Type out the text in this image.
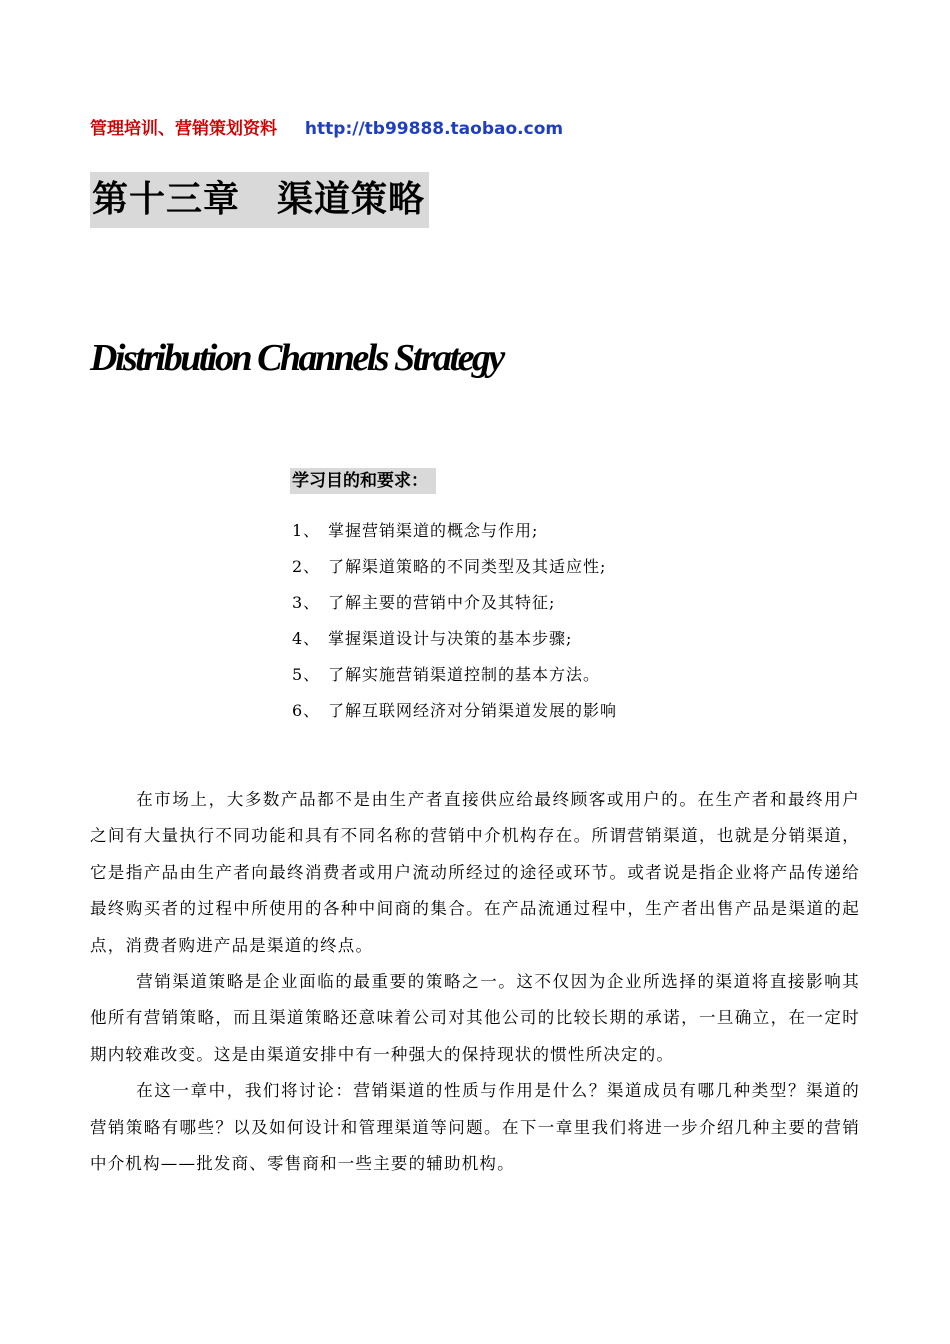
管理培训、营销策划资料 http://tb99888.taobao.com
第十三章　渠道策略
Distribution Channels Strategy
学习目的和要求：
1、 掌握营销渠道的概念与作用;
2、 了解渠道策略的不同类型及其适应性;
3、 了解主要的营销中介及其特征;
4、 掌握渠道设计与决策的基本步骤;
5、 了解实施营销渠道控制的基本方法。
6、 了解互联网经济对分销渠道发展的影响

在市场上，大多数产品都不是由生产者直接供应给最终顾客或用户的。在生产者和最终用户之间有大量执行不同功能和具有不同名称的营销中介机构存在。所谓营销渠道，也就是分销渠道，它是指产品由生产者向最终消费者或用户流动所经过的途径或环节。或者说是指企业将产品传递给最终购买者的过程中所使用的各种中间商的集合。在产品流通过程中，生产者出售产品是渠道的起点，消费者购进产品是渠道的终点。

营销渠道策略是企业面临的最重要的策略之一。这不仅因为企业所选择的渠道将直接影响其他所有营销策略，而且渠道策略还意味着公司对其他公司的比较长期的承诺，一旦确立，在一定时期内较难改变。这是由渠道安排中有一种强大的保持现状的惯性所决定的。

在这一章中，我们将讨论：营销渠道的性质与作用是什么？渠道成员有哪几种类型？渠道的营销策略有哪些？以及如何设计和管理渠道等问题。在下一章里我们将进一步介绍几种主要的营销中介机构——批发商、零售商和一些主要的辅助机构。
